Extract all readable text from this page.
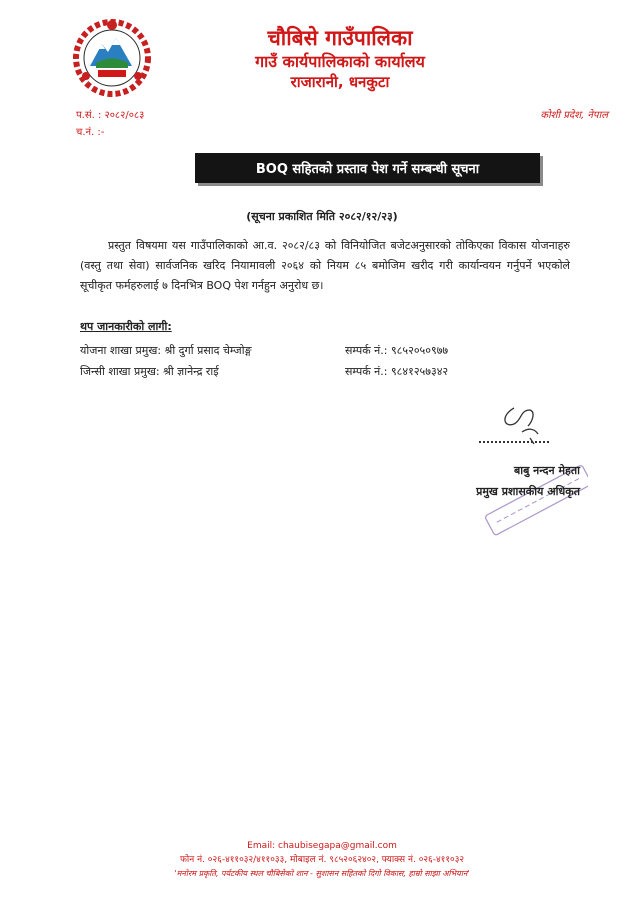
चौबिसे गाउँपालिका
गाउँ कार्यपालिकाको कार्यालय
राजारानी, धनकुटा
प.सं. : २०८२/०८३
च.नं. :-
कोशी प्रदेश, नेपाल
BOQ सहितको प्रस्ताव पेश गर्ने सम्बन्धी सूचना
(सूचना प्रकाशित मिति २०८२/१२/२३)
प्रस्तुत विषयमा यस गाउँपालिकाको आ.व. २०८२/८३ को विनियोजित बजेटअनुसारको तोकिएका विकास योजनाहरु (वस्तु तथा सेवा) सार्वजनिक खरिद नियामावली २०६४ को नियम ८५ बमोजिम खरीद गरी कार्यान्वयन गर्नुपर्ने भएकोले सूचीकृत फर्महरुलाई ७ दिनभित्र BOQ पेश गर्नहुन अनुरोध छ।
थप जानकारीको लागी:
योजना शाखा प्रमुख: श्री दुर्गा प्रसाद चेम्जोङ्ग	सम्पर्क नं.: ९८५२०५०९७७
जिन्सी शाखा प्रमुख: श्री ज्ञानेन्द्र राई	सम्पर्क नं.: ९८४१२५७३४२
बाबु नन्दन मेहता
प्रमुख प्रशासकीय अधिकृत
Email: chaubisegapa@gmail.com
फोन नं. ०२६-४११०३२/४११०३३, मोबाइल नं. ९८५२०६२४०२, फ्याक्स नं. ०२६-४११०३२
'मनोरम प्रकृति, पर्यटकीय स्थल चौबिसेको शान - सुशासन सहितको दिगो विकास, हाम्रो साझा अभियान'
